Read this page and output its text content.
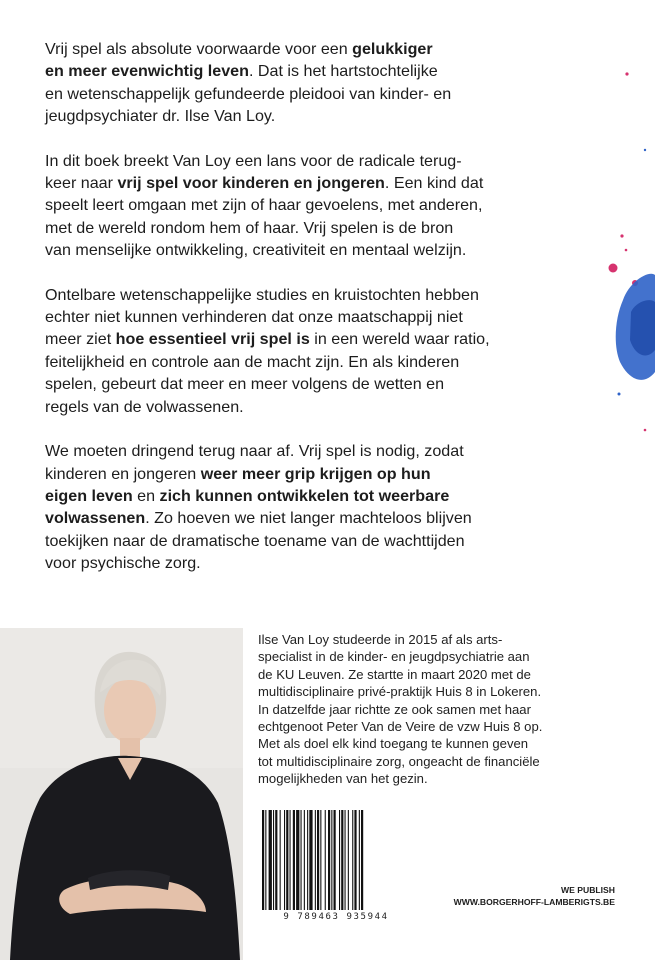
Vrij spel als absolute voorwaarde voor een gelukkiger
en meer evenwichtig leven. Dat is het hartstochtelijke
en wetenschappelijk gefundeerde pleidooi van kinder- en
jeugdpsychiater dr. Ilse Van Loy.

In dit boek breekt Van Loy een lans voor de radicale terug-
keer naar vrij spel voor kinderen en jongeren. Een kind dat
speelt leert omgaan met zijn of haar gevoelens, met anderen,
met de wereld rondom hem of haar. Vrij spelen is de bron
van menselijke ontwikkeling, creativiteit en mentaal welzijn.

Ontelbare wetenschappelijke studies en kruistochten hebben
echter niet kunnen verhinderen dat onze maatschappij niet
meer ziet hoe essentieel vrij spel is in een wereld waar ratio,
feitelijkheid en controle aan de macht zijn. En als kinderen
spelen, gebeurt dat meer en meer volgens de wetten en
regels van de volwassenen.

We moeten dringend terug naar af. Vrij spel is nodig, zodat
kinderen en jongeren weer meer grip krijgen op hun
eigen leven en zich kunnen ontwikkelen tot weerbare
volwassenen. Zo hoeven we niet langer machteloos blijven
toekijken naar de dramatische toename van de wachttijden
voor psychische zorg.

Ilse Van Loy studeerde in 2015 af als arts-
specialist in de kinder- en jeugdpsychiatrie aan
de KU Leuven. Ze startte in maart 2020 met de
multidisciplinaire privé-praktijk Huis 8 in Lokeren.
In datzelfde jaar richtte ze ook samen met haar
echtgenoot Peter Van de Veire de vzw Huis 8 op.
Met als doel elk kind toegang te kunnen geven
tot multidisciplinaire zorg, ongeacht de financiële
mogelijkheden van het gezin.
9 789463 935944
WE PUBLISH
WWW.BORGERHOFF-LAMBERIGTS.BE
